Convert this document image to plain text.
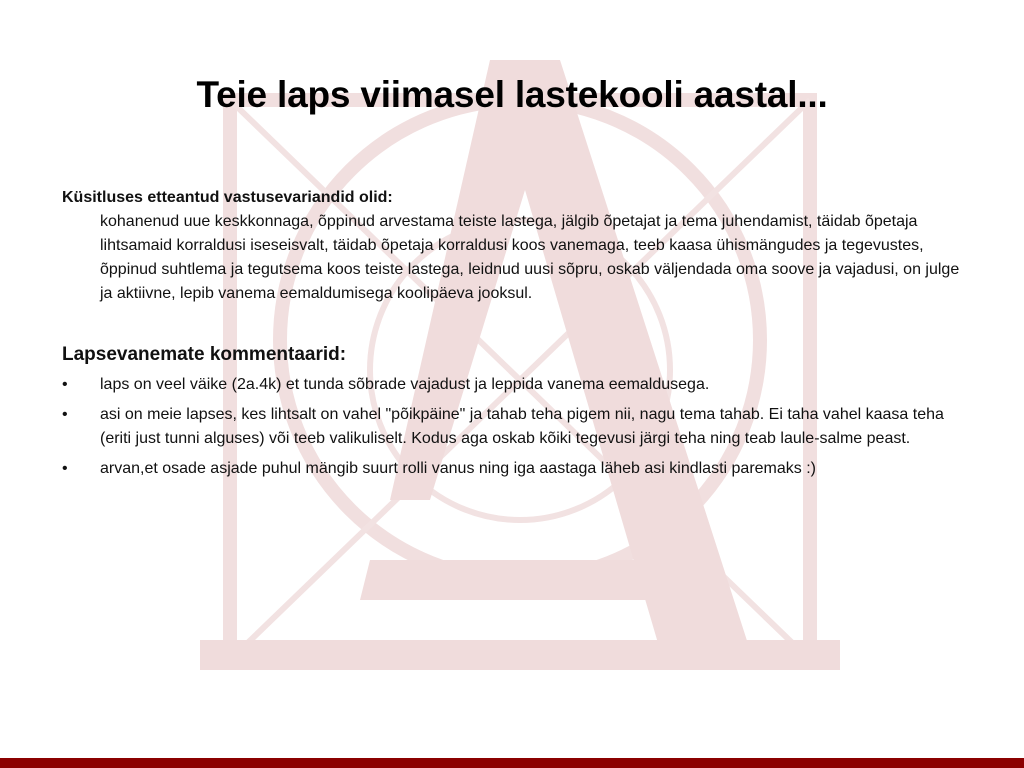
Teie laps viimasel lastekooli aastal...

Küsitluses etteantud vastusevariandid olid:

kohanenud uue keskkonnaga, õppinud arvestama teiste lastega, jälgib õpetajat ja tema juhendamist, täidab õpetaja lihtsamaid korraldusi iseseisvalt, täidab õpetaja korraldusi koos vanemaga, teeb kaasa ühismängudes ja tegevustes, õppinud suhtlema ja tegutsema koos teiste lastega, leidnud uusi sõpru, oskab väljendada oma soove ja vajadusi, on julge ja aktiivne, lepib vanema eemaldumisega koolipäeva jooksul.

Lapsevanemate kommentaarid:
• laps on veel väike (2a.4k) et tunda sõbrade vajadust ja leppida vanema eemaldusega.
• asi on meie lapses, kes lihtsalt on vahel "põikpäine" ja tahab teha pigem nii, nagu tema tahab. Ei taha vahel kaasa teha (eriti just tunni alguses) või teeb valikuliselt. Kodus aga oskab kõiki tegevusi järgi teha ning teab laule-salme peast.
• arvan,et osade asjade puhul mängib suurt rolli vanus ning iga aastaga läheb asi kindlasti paremaks :)
